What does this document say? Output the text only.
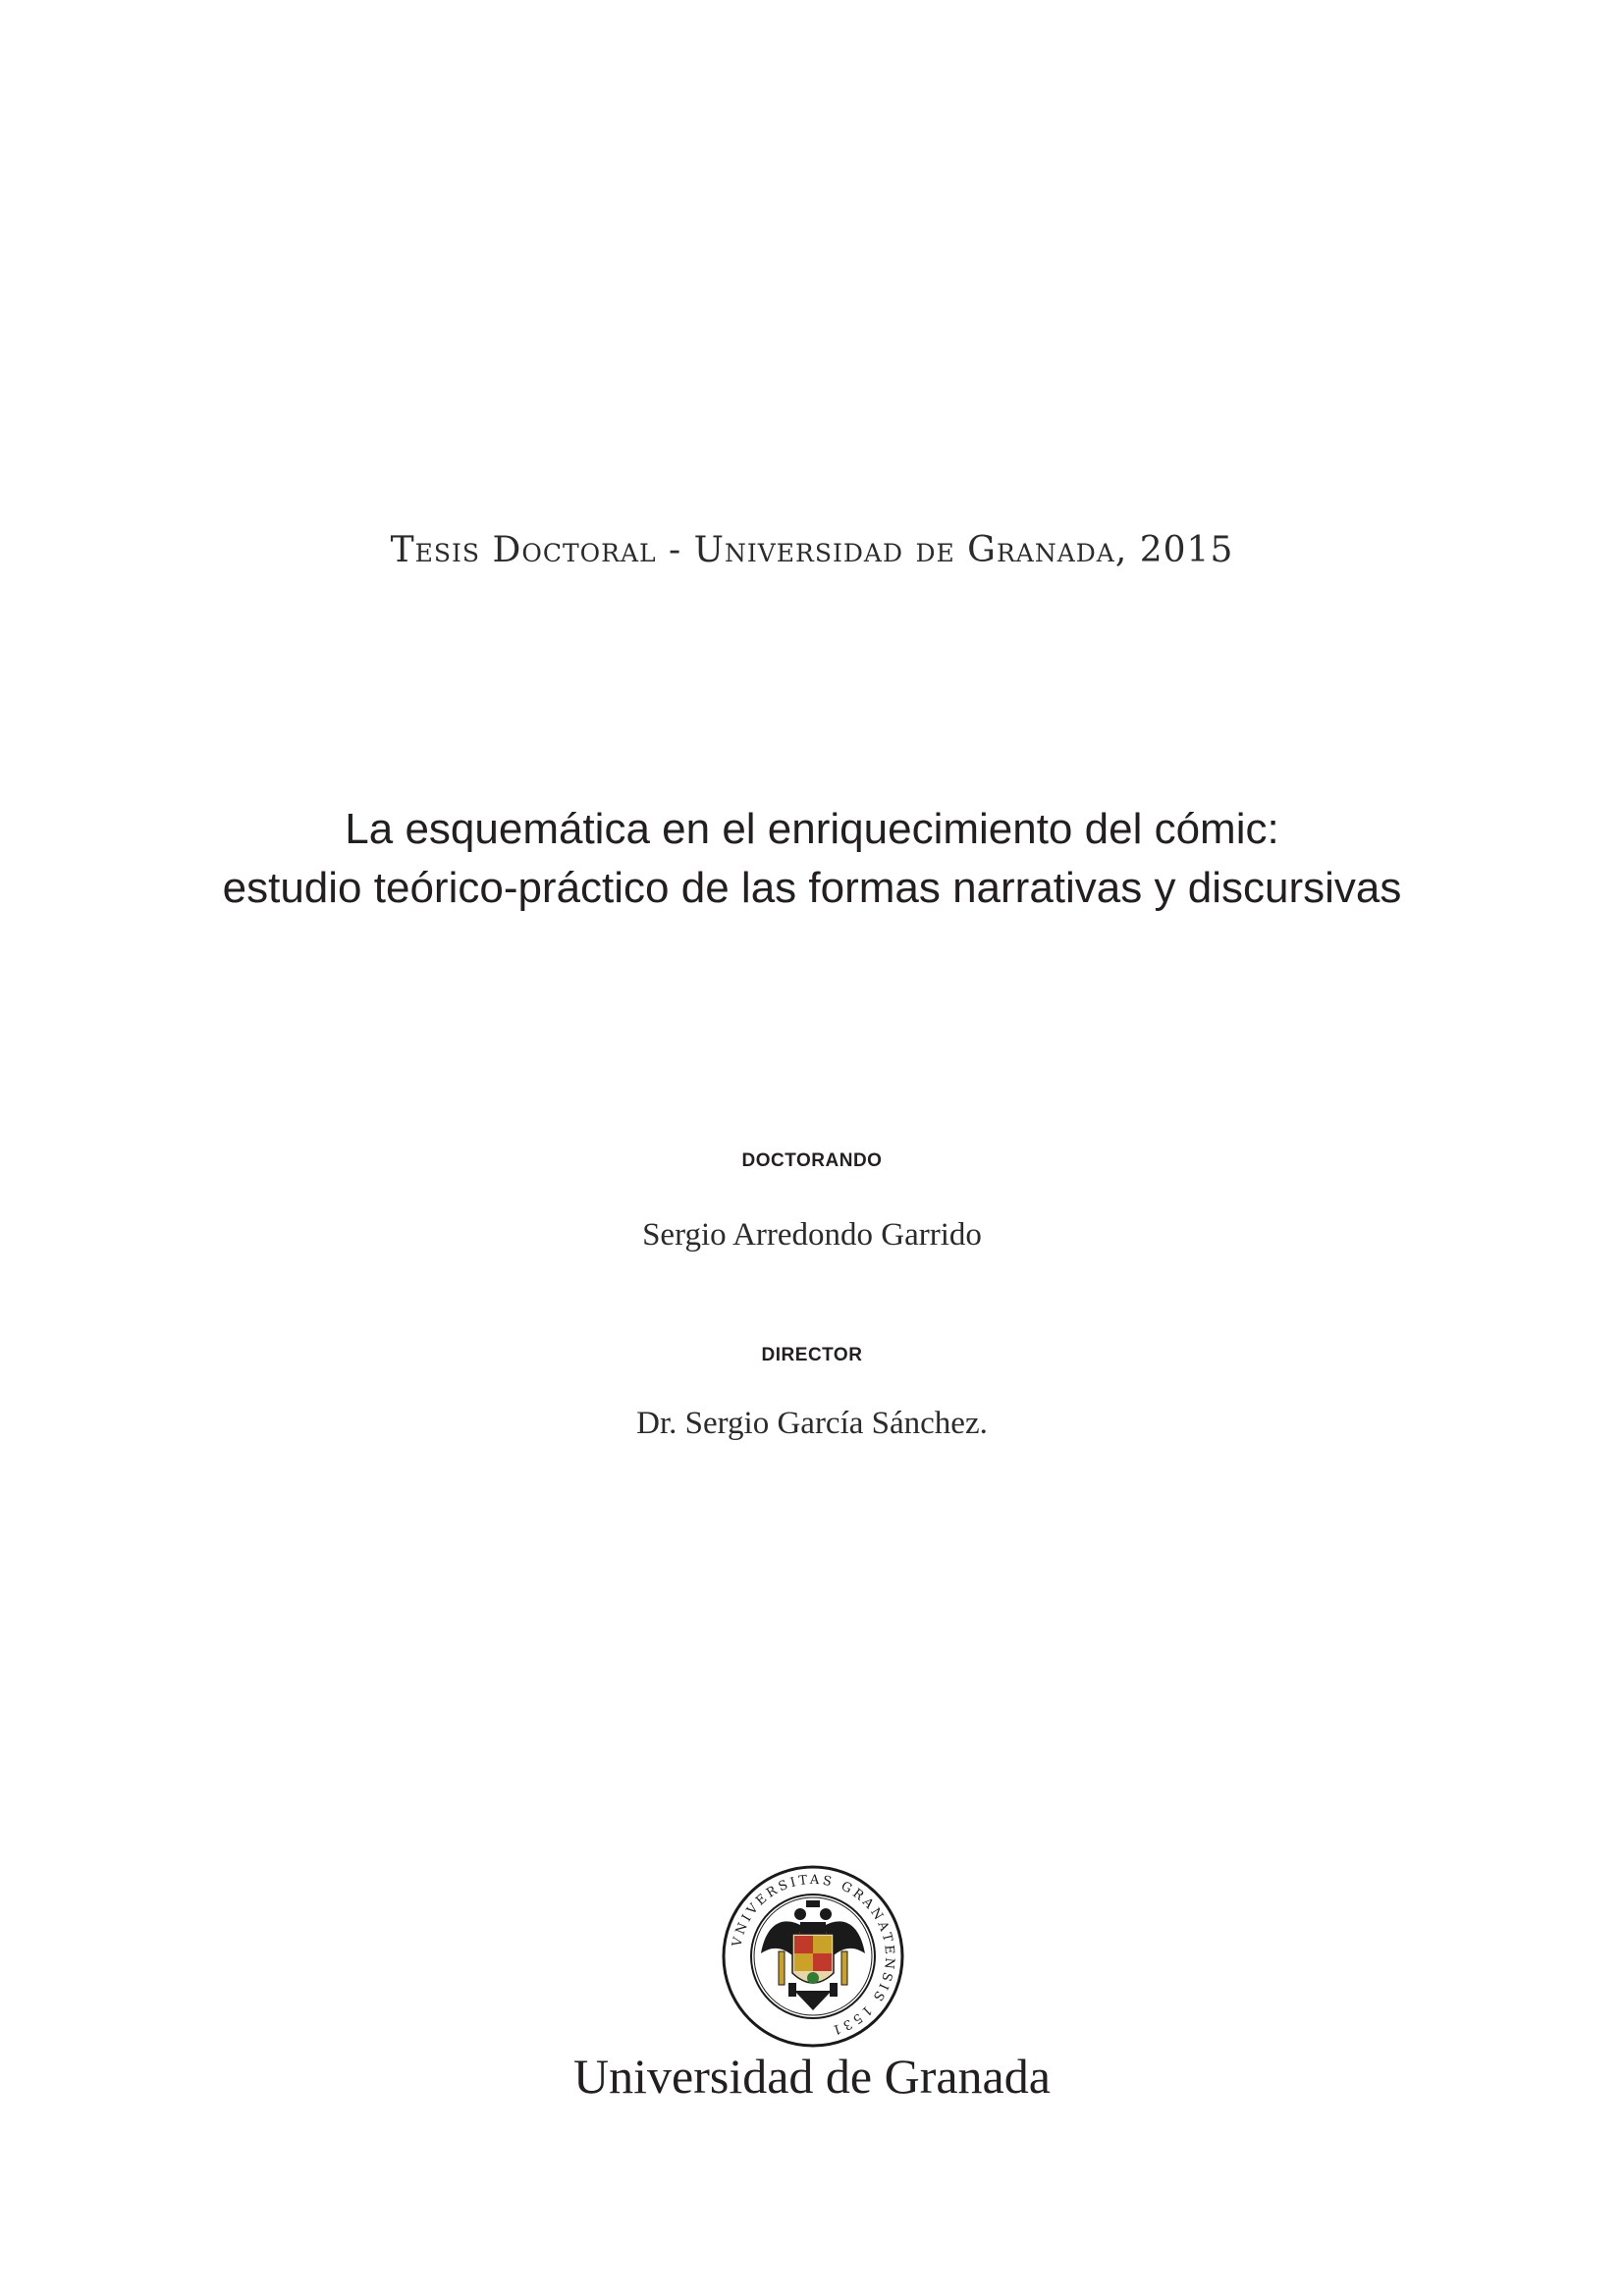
Tesis Doctoral - Universidad de Granada, 2015
La esquemática en el enriquecimiento del cómic:
estudio teórico-práctico de las formas narrativas y discursivas
DOCTORANDO
Sergio Arredondo Garrido
DIRECTOR
Dr. Sergio García Sánchez.
VNIVERSITAS GRANATENSIS 1531
Universidad de Granada
